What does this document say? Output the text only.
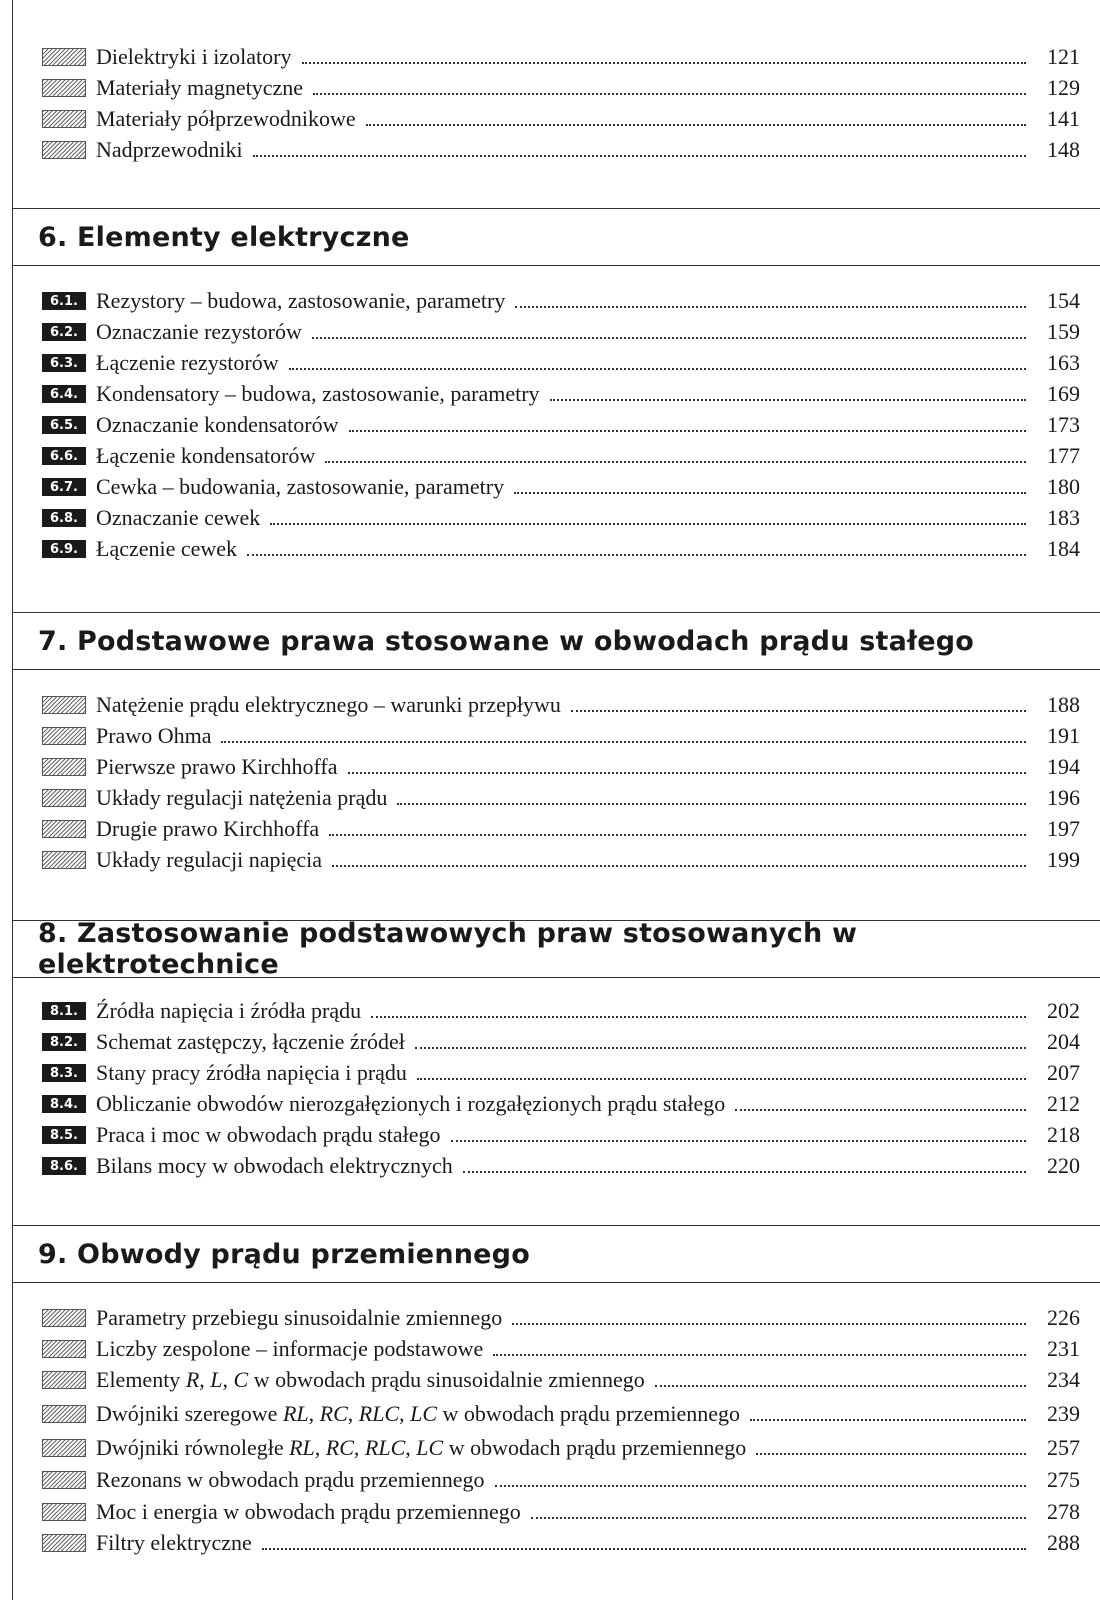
Dielektryki i izolatory	121
Materiały magnetyczne	129
Materiały półprzewodnikowe	141
Nadprzewodniki	148
6. Elementy elektryczne
6.1. Rezystory – budowa, zastosowanie, parametry	154
6.2. Oznaczanie rezystorów	159
6.3. Łączenie rezystorów	163
6.4. Kondensatory – budowa, zastosowanie, parametry	169
6.5. Oznaczanie kondensatorów	173
6.6. Łączenie kondensatorów	177
6.7. Cewka – budowania, zastosowanie, parametry	180
6.8. Oznaczanie cewek	183
6.9. Łączenie cewek	184
7. Podstawowe prawa stosowane w obwodach prądu stałego
Natężenie prądu elektrycznego – warunki przepływu	188
Prawo Ohma	191
Pierwsze prawo Kirchhoffa	194
Układy regulacji natężenia prądu	196
Drugie prawo Kirchhoffa	197
Układy regulacji napięcia	199
8. Zastosowanie podstawowych praw stosowanych w elektrotechnice
8.1. Źródła napięcia i źródła prądu	202
8.2. Schemat zastępczy, łączenie źródeł	204
8.3. Stany pracy źródła napięcia i prądu	207
8.4. Obliczanie obwodów nierozgałęzionych i rozgałęzionych prądu stałego	212
8.5. Praca i moc w obwodach prądu stałego	218
8.6. Bilans mocy w obwodach elektrycznych	220
9. Obwody prądu przemiennego
Parametry przebiegu sinusoidalnie zmiennego	226
Liczby zespolone – informacje podstawowe	231
Elementy R, L, C w obwodach prądu sinusoidalnie zmiennego	234
Dwójniki szeregowe RL, RC, RLC, LC w obwodach prądu przemiennego	239
Dwójniki równoległe RL, RC, RLC, LC w obwodach prądu przemiennego	257
Rezonans w obwodach prądu przemiennego	275
Moc i energia w obwodach prądu przemiennego	278
Filtry elektryczne	288
